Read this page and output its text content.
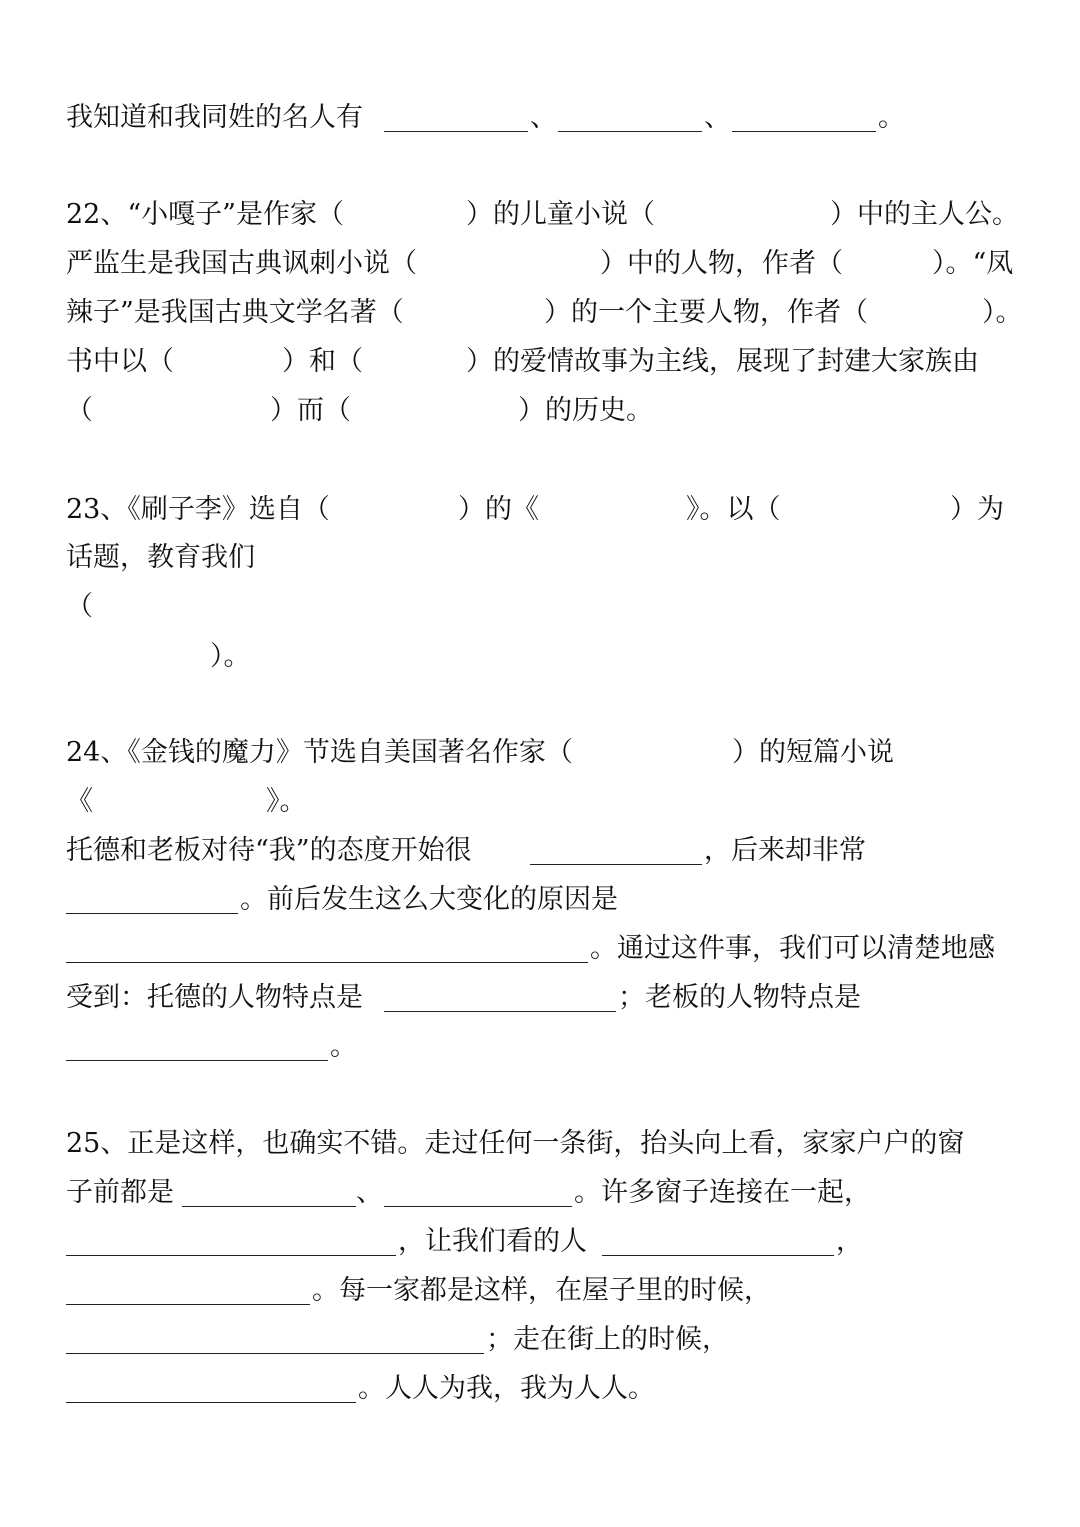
我知道和我同姓的名人有	、	、	。
22、“小嘎子”是作家（	）的儿童小说（	）中的主人公。
严监生是我国古典讽刺小说（	）中的人物，作者（	）。“凤
辣子”是我国古典文学名著（	）的一个主要人物，作者（	）。
书中以（	）和（	）的爱情故事为主线，展现了封建大家族由
（	）而（	）的历史。
23、《刷子李》选自（	）的《	》。以（	）为
话题，教育我们
（
）。
24、《金钱的魔力》节选自美国著名作家（	）的短篇小说
《	》。
托德和老板对待“我”的态度开始很	，后来却非常
。前后发生这么大变化的原因是
。通过这件事，我们可以清楚地感
受到：托德的人物特点是	；老板的人物特点是
。
25、正是这样，也确实不错。走过任何一条街，抬头向上看，家家户户的窗
子前都是	、	。许多窗子连接在一起，
，让我们看的人	，
。每一家都是这样，在屋子里的时候，
；走在街上的时候，
。人人为我，我为人人。
